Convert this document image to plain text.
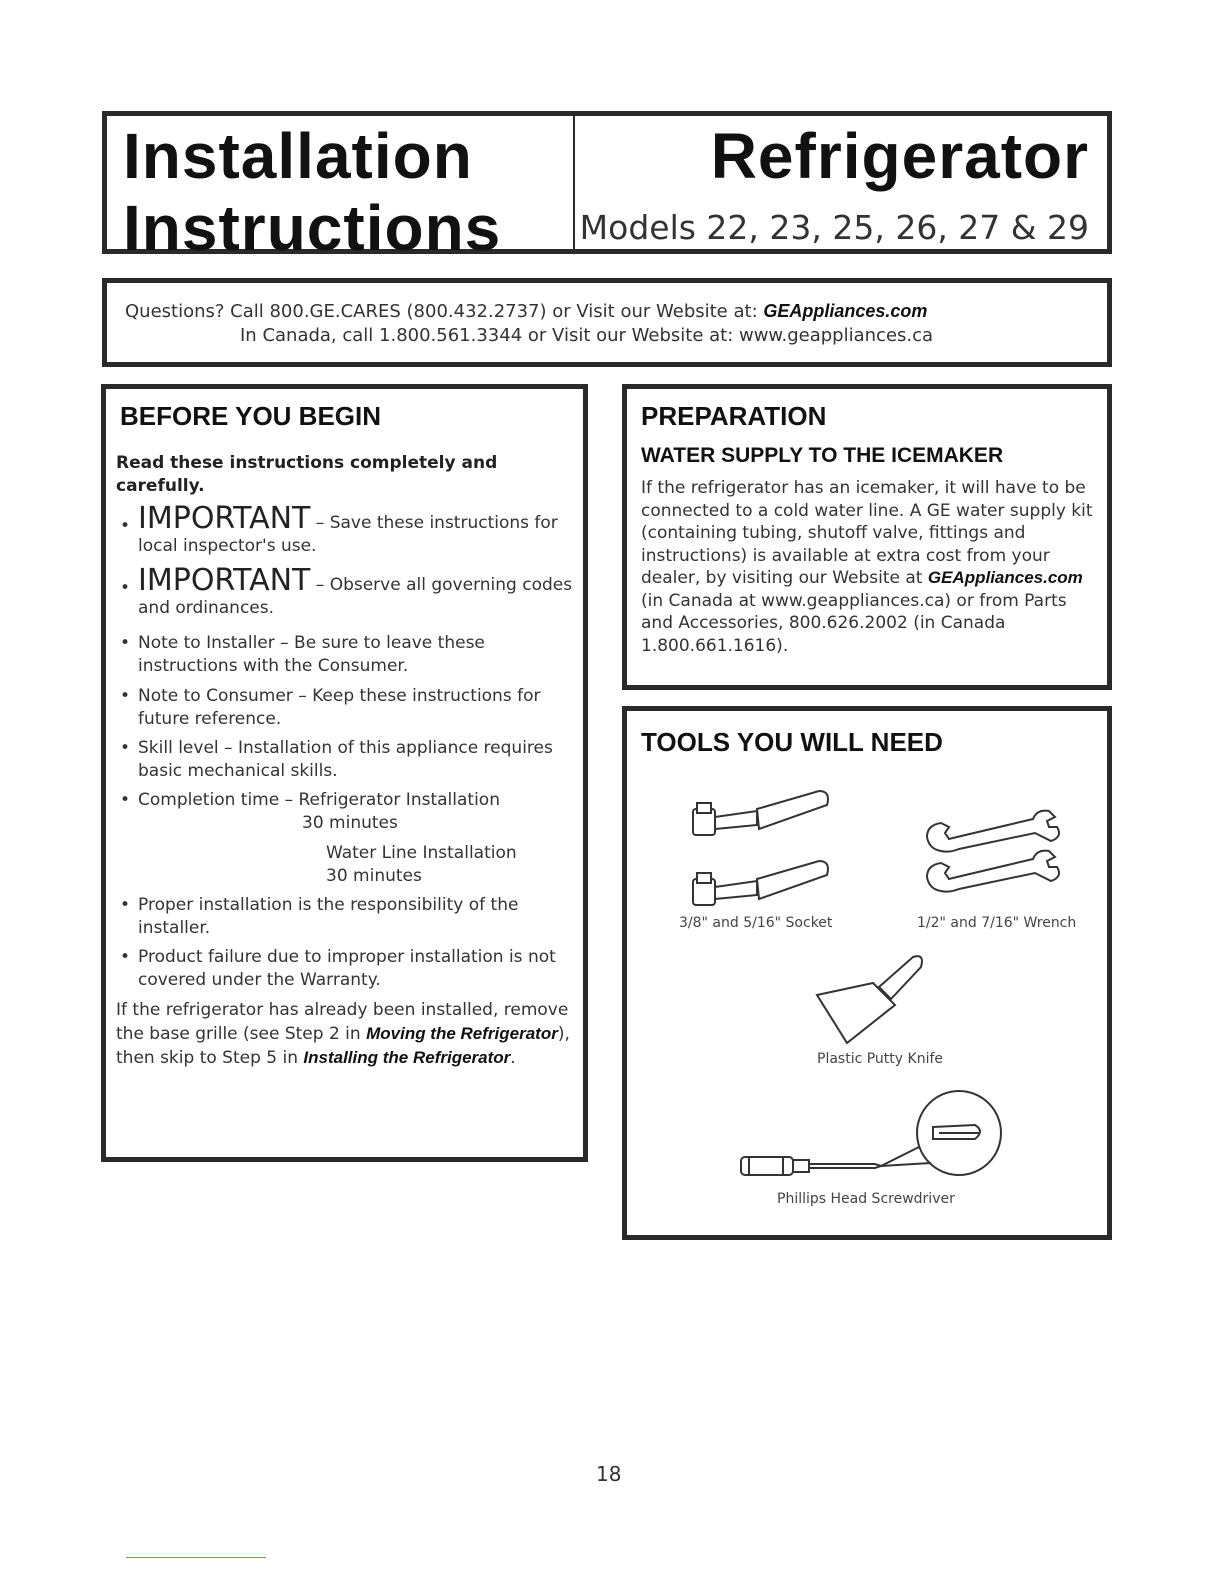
Installation
Instructions
Refrigerator
Models 22, 23, 25, 26, 27 & 29
Questions? Call 800.GE.CARES (800.432.2737) or Visit our Website at: GEAppliances.com
In Canada, call 1.800.561.3344 or Visit our Website at: www.geappliances.ca
BEFORE YOU BEGIN
Read these instructions completely and carefully.
• IMPORTANT – Save these instructions for local inspector's use.
• IMPORTANT – Observe all governing codes and ordinances.
• Note to Installer – Be sure to leave these instructions with the Consumer.
• Note to Consumer – Keep these instructions for future reference.
• Skill level – Installation of this appliance requires basic mechanical skills.
• Completion time – Refrigerator Installation
30 minutes
Water Line Installation
30 minutes
• Proper installation is the responsibility of the installer.
• Product failure due to improper installation is not covered under the Warranty.
If the refrigerator has already been installed, remove the base grille (see Step 2 in Moving the Refrigerator), then skip to Step 5 in Installing the Refrigerator.
PREPARATION
WATER SUPPLY TO THE ICEMAKER
If the refrigerator has an icemaker, it will have to be connected to a cold water line. A GE water supply kit (containing tubing, shutoff valve, fittings and instructions) is available at extra cost from your dealer, by visiting our Website at GEAppliances.com (in Canada at www.geappliances.ca) or from Parts and Accessories, 800.626.2002 (in Canada 1.800.661.1616).
TOOLS YOU WILL NEED
3/8" and 5/16" Socket	1/2" and 7/16" Wrench
Plastic Putty Knife
Phillips Head Screwdriver
18
